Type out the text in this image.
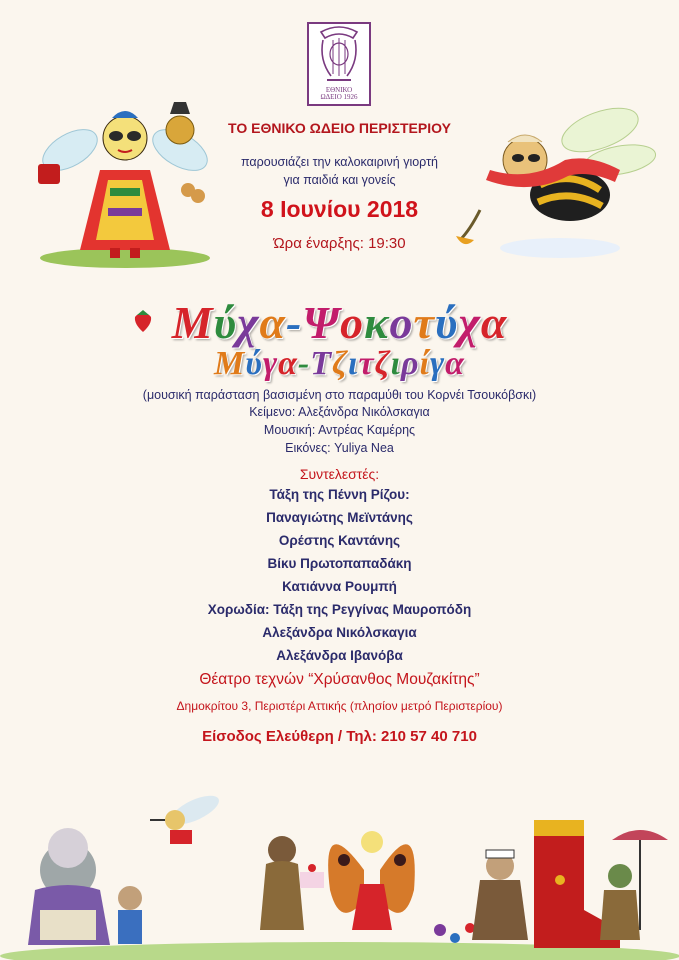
ΕΘΝΙΚΟ
ΩΔΕΙΟ 1926
ΤΟ ΕΘΝΙΚΟ ΩΔΕΙΟ ΠΕΡΙΣΤΕΡΙΟΥ
παρουσιάζει την καλοκαιρινή γιορτή
για παιδιά και γονείς
8 Ιουνίου 2018
Ώρα έναρξης: 19:30
Μύχα-Ψοκοτύχα
Μύγα-Τζιτζιρίγα
(μουσική παράσταση βασισμένη στο παραμύθι του Κορνέι Τσουκόβσκι)
Κείμενο: Αλεξάνδρα Νικόλσκαγια
Μουσική: Αντρέας Καμέρης
Εικόνες: Yuliya Nea
Συντελεστές:
Τάξη της Πέννη Ρίζου:
Παναγιώτης Μεϊντάνης
Ορέστης Καντάνης
Βίκυ Πρωτοπαπαδάκη
Κατιάννα Ρουμπή
Χορωδία: Τάξη της Ρεγγίνας Μαυροπόδη
Αλεξάνδρα Νικόλσκαγια
Αλεξάνδρα Ιβανόβα
Θέατρο τεχνών “Χρύσανθος Μουζακίτης”
Δημοκρίτου 3, Περιστέρι Αττικής (πλησίον μετρό Περιστερίου)
Είσοδος Ελεύθερη / Τηλ: 210 57 40 710
